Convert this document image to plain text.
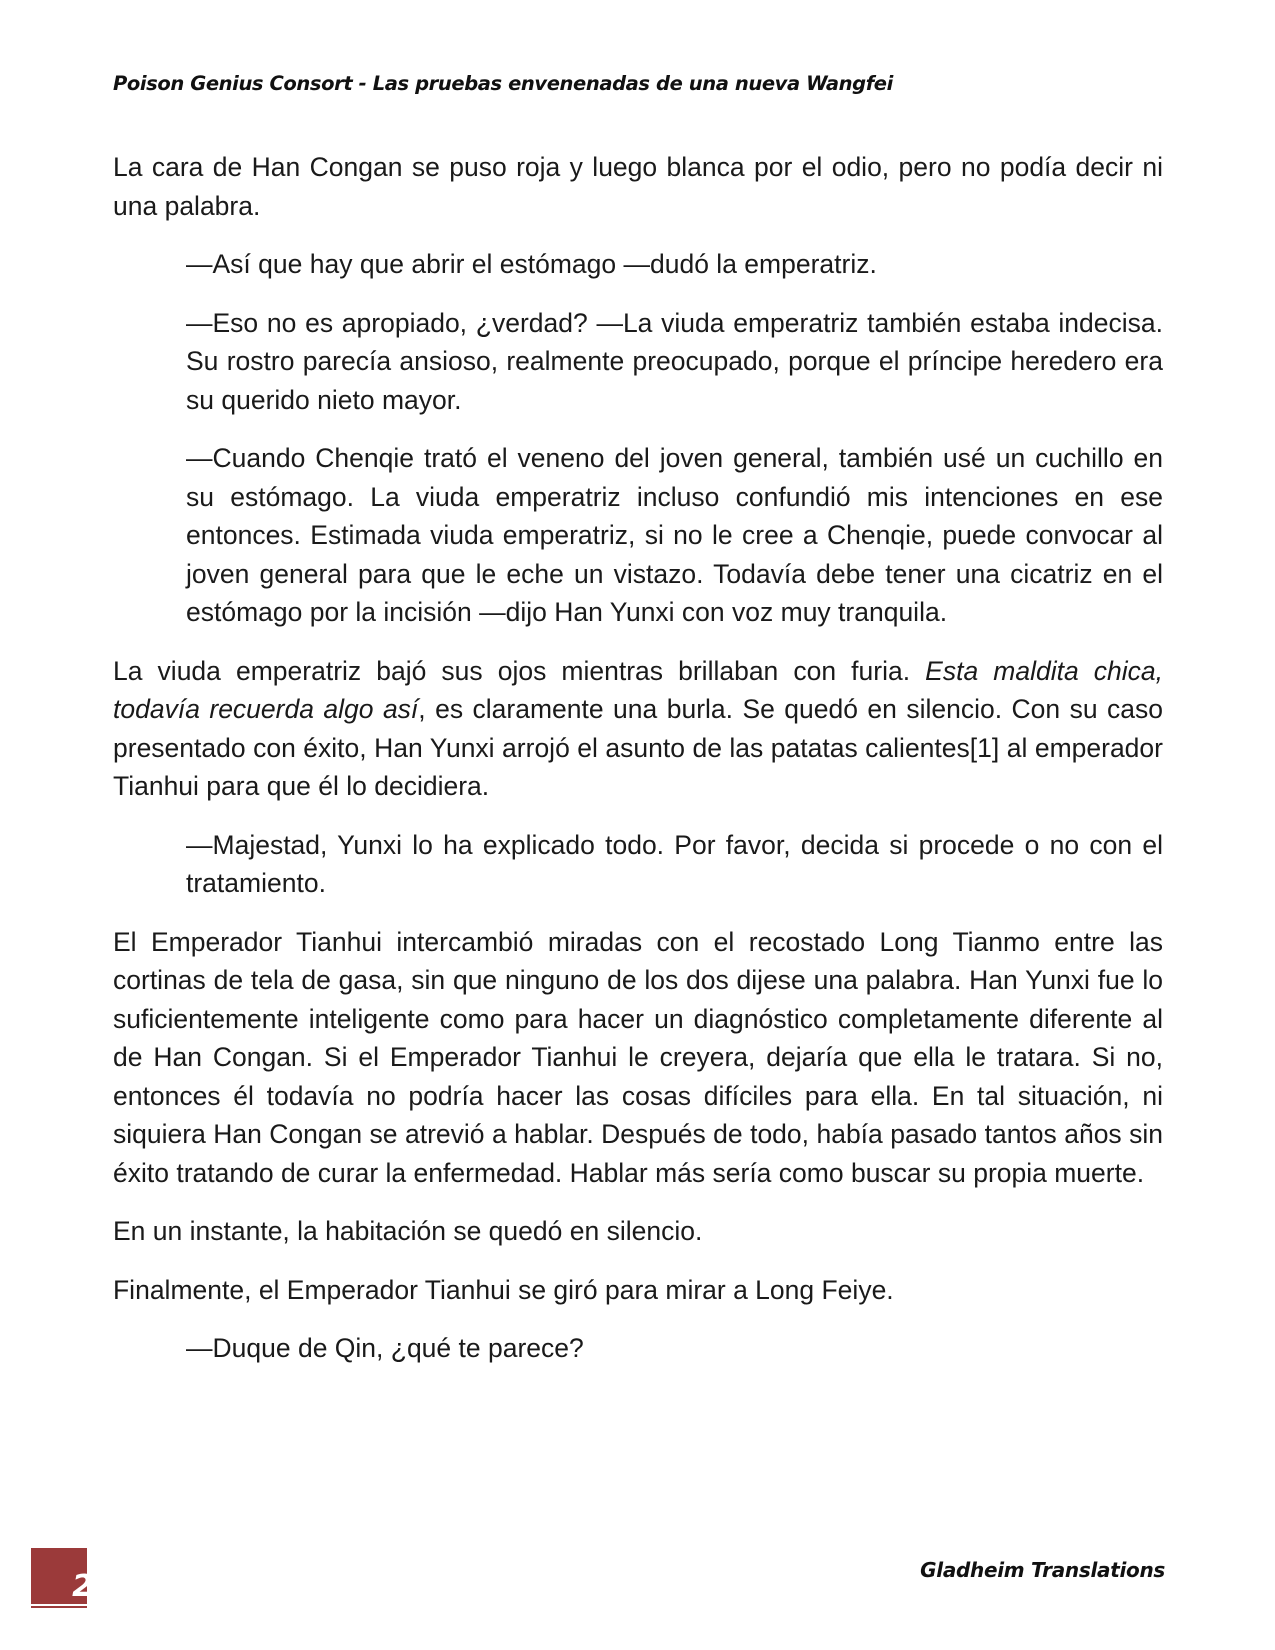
Poison Genius Consort - Las pruebas envenenadas de una nueva Wangfei

La cara de Han Congan se puso roja y luego blanca por el odio, pero no podía decir ni una palabra.

—Así que hay que abrir el estómago —dudó la emperatriz.

—Eso no es apropiado, ¿verdad? —La viuda emperatriz también estaba indecisa. Su rostro parecía ansioso, realmente preocupado, porque el príncipe heredero era su querido nieto mayor.

—Cuando Chenqie trató el veneno del joven general, también usé un cuchillo en su estómago. La viuda emperatriz incluso confundió mis intenciones en ese entonces. Estimada viuda emperatriz, si no le cree a Chenqie, puede convocar al joven general para que le eche un vistazo. Todavía debe tener una cicatriz en el estómago por la incisión —dijo Han Yunxi con voz muy tranquila.

La viuda emperatriz bajó sus ojos mientras brillaban con furia. Esta maldita chica, todavía recuerda algo así, es claramente una burla. Se quedó en silencio. Con su caso presentado con éxito, Han Yunxi arrojó el asunto de las patatas calientes[1] al emperador Tianhui para que él lo decidiera.

—Majestad, Yunxi lo ha explicado todo. Por favor, decida si procede o no con el tratamiento.

El Emperador Tianhui intercambió miradas con el recostado Long Tianmo entre las cortinas de tela de gasa, sin que ninguno de los dos dijese una palabra. Han Yunxi fue lo suficientemente inteligente como para hacer un diagnóstico completamente diferente al de Han Congan. Si el Emperador Tianhui le creyera, dejaría que ella le tratara. Si no, entonces él todavía no podría hacer las cosas difíciles para ella. En tal situación, ni siquiera Han Congan se atrevió a hablar. Después de todo, había pasado tantos años sin éxito tratando de curar la enfermedad. Hablar más sería como buscar su propia muerte.

En un instante, la habitación se quedó en silencio.

Finalmente, el Emperador Tianhui se giró para mirar a Long Feiye.

—Duque de Qin, ¿qué te parece?

2	Gladheim Translations
